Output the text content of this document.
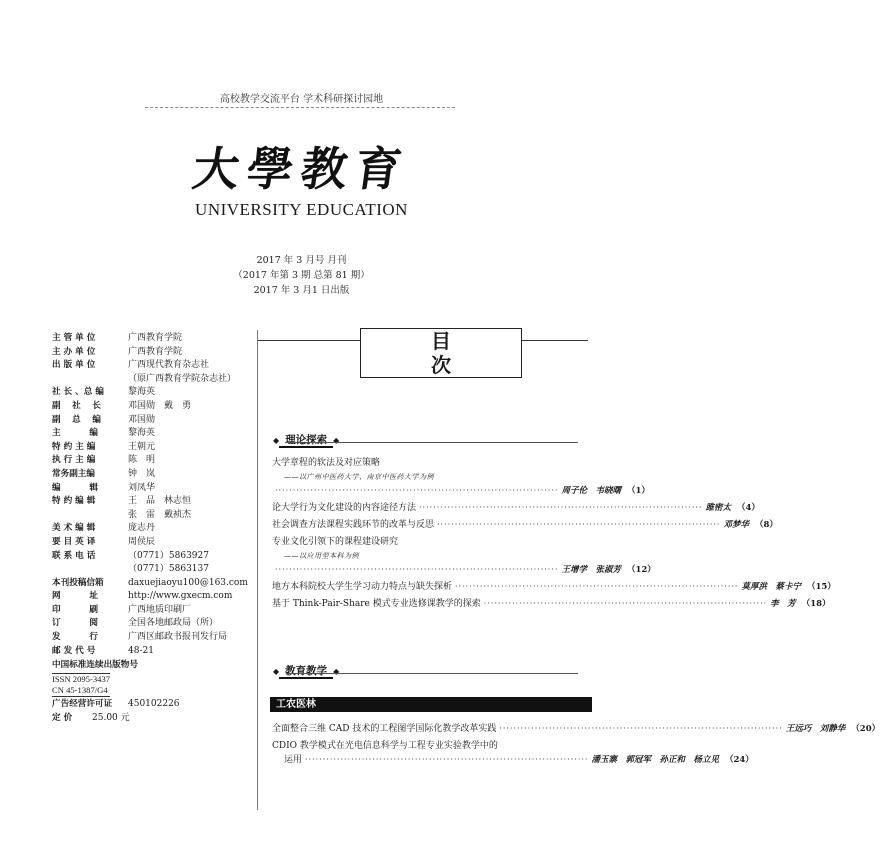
高校教学交流平台 学术科研探讨园地
大學教育
UNIVERSITY EDUCATION
2017 年 3 月号 月刊
（2017 年第 3 期 总第 81 期）
2017 年 3 月1 日出版
主 管 单 位	广西教育学院
主 办 单 位	广西教育学院
出 版 单 位	广西现代教育杂志社
（原广西教育学院杂志社）
社 长 、总 编	黎海英
副　 社　 长	邓国勋　戴　勇
副　 总　 编	邓国勋
主　　　 编	黎海英
特 约 主 编	王朝元
执 行 主 编	陈　明
常务副主编	钟　岚
编　　　 辑	刘凤华
特 约 编 辑	王　品　林志恒
张　雷　戴祯杰
美 术 编 辑	庞志丹
要 目 英 译	周侯辰
联 系 电 话	（0771）5863927
（0771）5863137
本刊投稿信箱	daxuejiaoyu100@163.com
网　　　 址	http://www.gxecm.com
印　　　 刷	广西地质印刷厂
订　　　 阅	全国各地邮政局（所）
发　　　 行	广西区邮政书报刊发行局
邮 发 代 号	48-21
中国标准连续出版物号
ISSN 2095-3437
CN 45-1387/G4
广告经营许可证	450102226
定 价	25.00 元
目　次
◆ 理论探索 ◆
大学章程的软法及对应策略
——以广州中医药大学、南京中医药大学为例
················································································ 周子伦　韦晓曙 （1）
论大学行为文化建设的内容途径方法 ················································································ 雎密太 （4）
社会调查方法课程实践环节的改革与反思 ················································································ 邓梦华 （8）
专业文化引领下的课程建设研究
——以应用型本科为例
················································································ 王增学　张淑芳 （12）
地方本科院校大学生学习动力特点与缺失探析 ················································································ 莫厚洪　蔡卡宁 （15）
基于 Think-Pair-Share 模式专业选修课教学的探索 ················································································ 李　芳 （18）
◆ 教育教学 ◆
工农医林
全面整合三维 CAD 技术的工程图学国际化教学改革实践 ················································································ 王远巧　刘静华 （20）
CDIO 教学模式在光电信息科学与工程专业实验教学中的
运用 ················································································ 潘玉寨　郭冠军　孙正和　杨立见 （24）
